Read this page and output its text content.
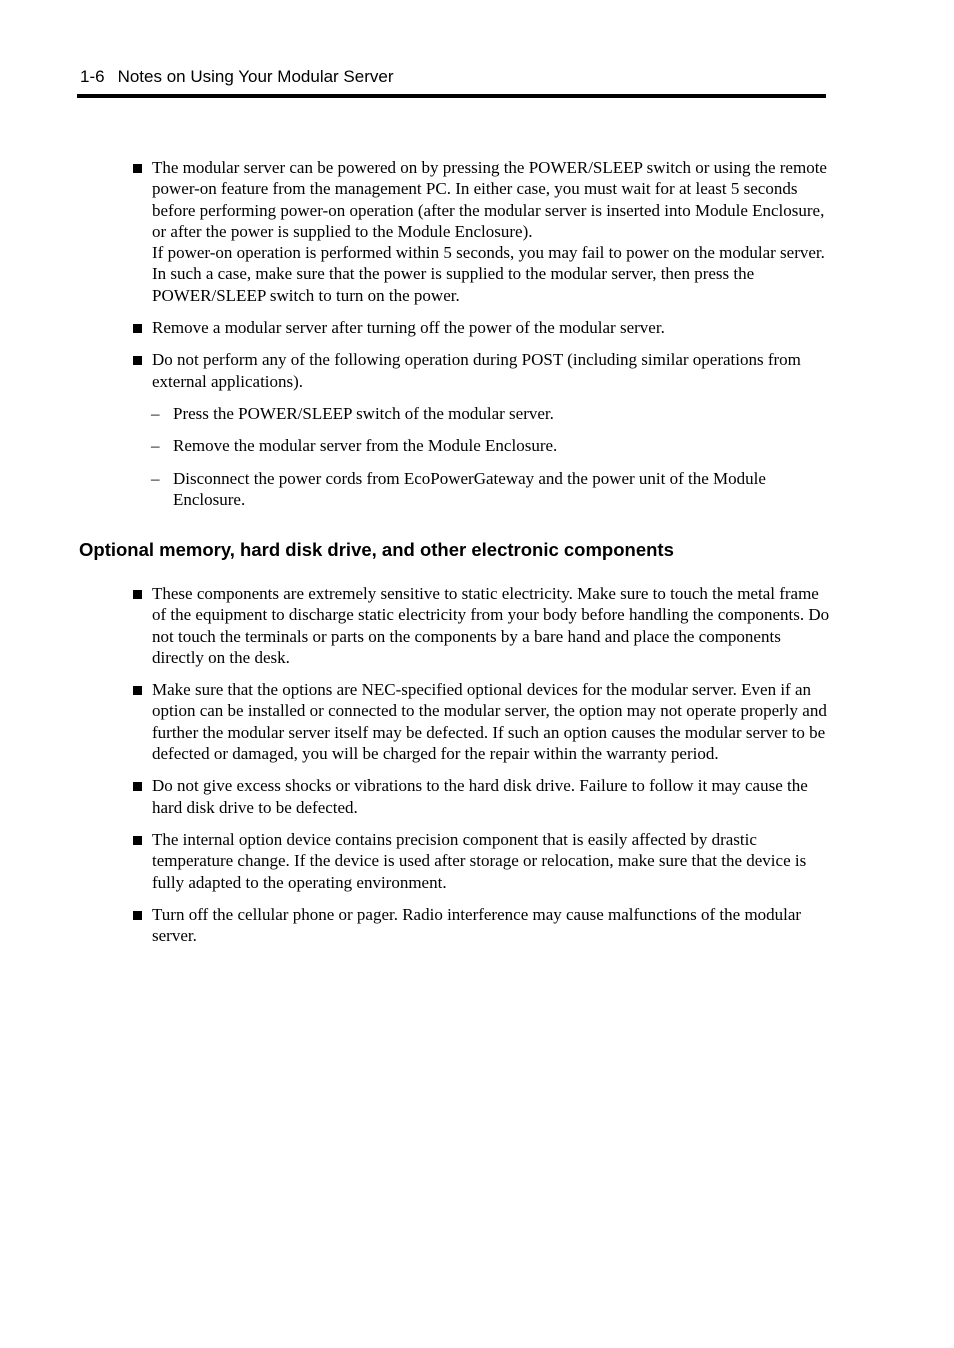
1-6 Notes on Using Your Modular Server
The modular server can be powered on by pressing the POWER/SLEEP switch or using the remote power-on feature from the management PC. In either case, you must wait for at least 5 seconds before performing power-on operation (after the modular server is inserted into Module Enclosure, or after the power is supplied to the Module Enclosure).
If power-on operation is performed within 5 seconds, you may fail to power on the modular server. In such a case, make sure that the power is supplied to the modular server, then press the POWER/SLEEP switch to turn on the power.
Remove a modular server after turning off the power of the modular server.
Do not perform any of the following operation during POST (including similar operations from external applications).
– Press the POWER/SLEEP switch of the modular server.
– Remove the modular server from the Module Enclosure.
– Disconnect the power cords from EcoPowerGateway and the power unit of the Module Enclosure.
Optional memory, hard disk drive, and other electronic components
These components are extremely sensitive to static electricity. Make sure to touch the metal frame of the equipment to discharge static electricity from your body before handling the components. Do not touch the terminals or parts on the components by a bare hand and place the components directly on the desk.
Make sure that the options are NEC-specified optional devices for the modular server. Even if an option can be installed or connected to the modular server, the option may not operate properly and further the modular server itself may be defected. If such an option causes the modular server to be defected or damaged, you will be charged for the repair within the warranty period.
Do not give excess shocks or vibrations to the hard disk drive. Failure to follow it may cause the hard disk drive to be defected.
The internal option device contains precision component that is easily affected by drastic temperature change. If the device is used after storage or relocation, make sure that the device is fully adapted to the operating environment.
Turn off the cellular phone or pager. Radio interference may cause malfunctions of the modular server.
